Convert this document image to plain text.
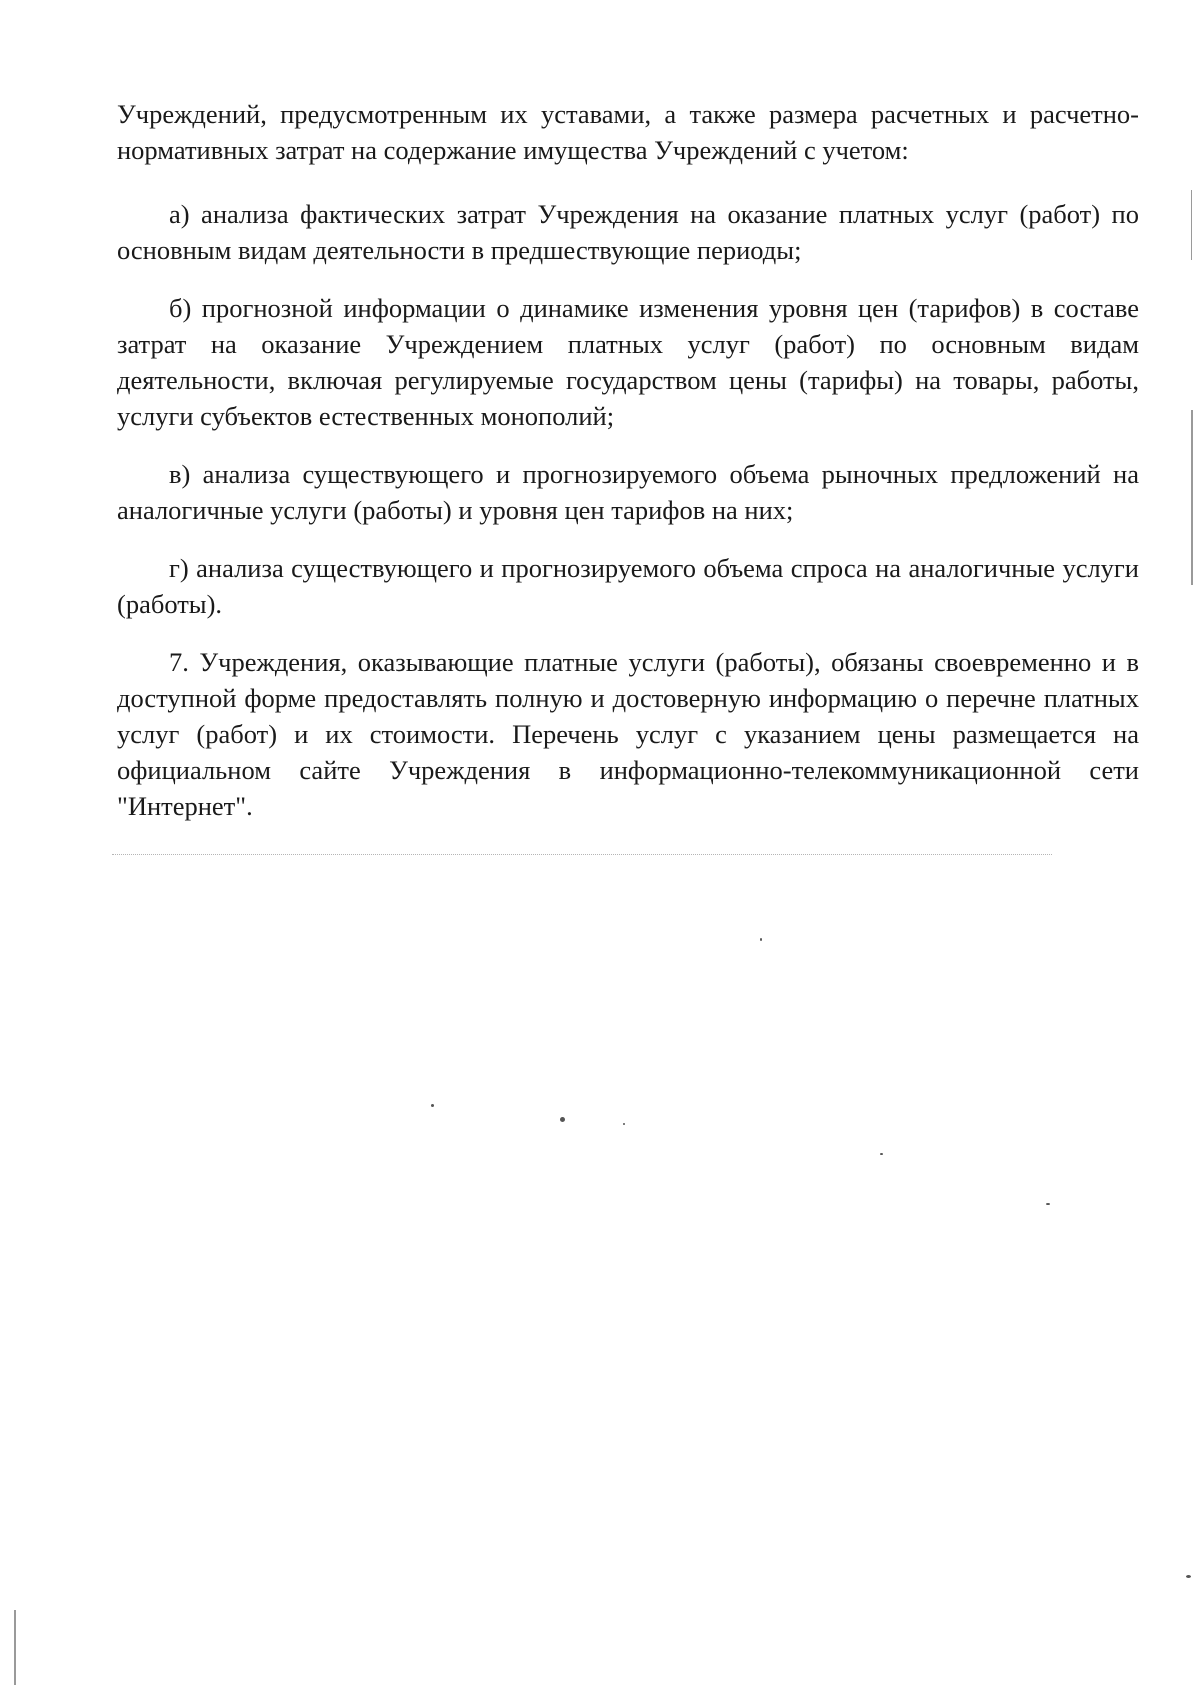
Учреждений, предусмотренным их уставами, а также размера расчетных и расчетно-нормативных затрат на содержание имущества Учреждений с учетом:

а) анализа фактических затрат Учреждения на оказание платных услуг (работ) по основным видам деятельности в предшествующие периоды;

б) прогнозной информации о динамике изменения уровня цен (тарифов) в составе затрат на оказание Учреждением платных услуг (работ) по основным видам деятельности, включая регулируемые государством цены (тарифы) на товары, работы, услуги субъектов естественных монополий;

в) анализа существующего и прогнозируемого объема рыночных предложений на аналогичные услуги (работы) и уровня цен тарифов на них;

г) анализа существующего и прогнозируемого объема спроса на аналогичные услуги (работы).

7. Учреждения, оказывающие платные услуги (работы), обязаны своевременно и в доступной форме предоставлять полную и достоверную информацию о перечне платных услуг (работ) и их стоимости. Перечень услуг с указанием цены размещается на официальном сайте Учреждения в информационно-телекоммуникационной сети "Интернет".
